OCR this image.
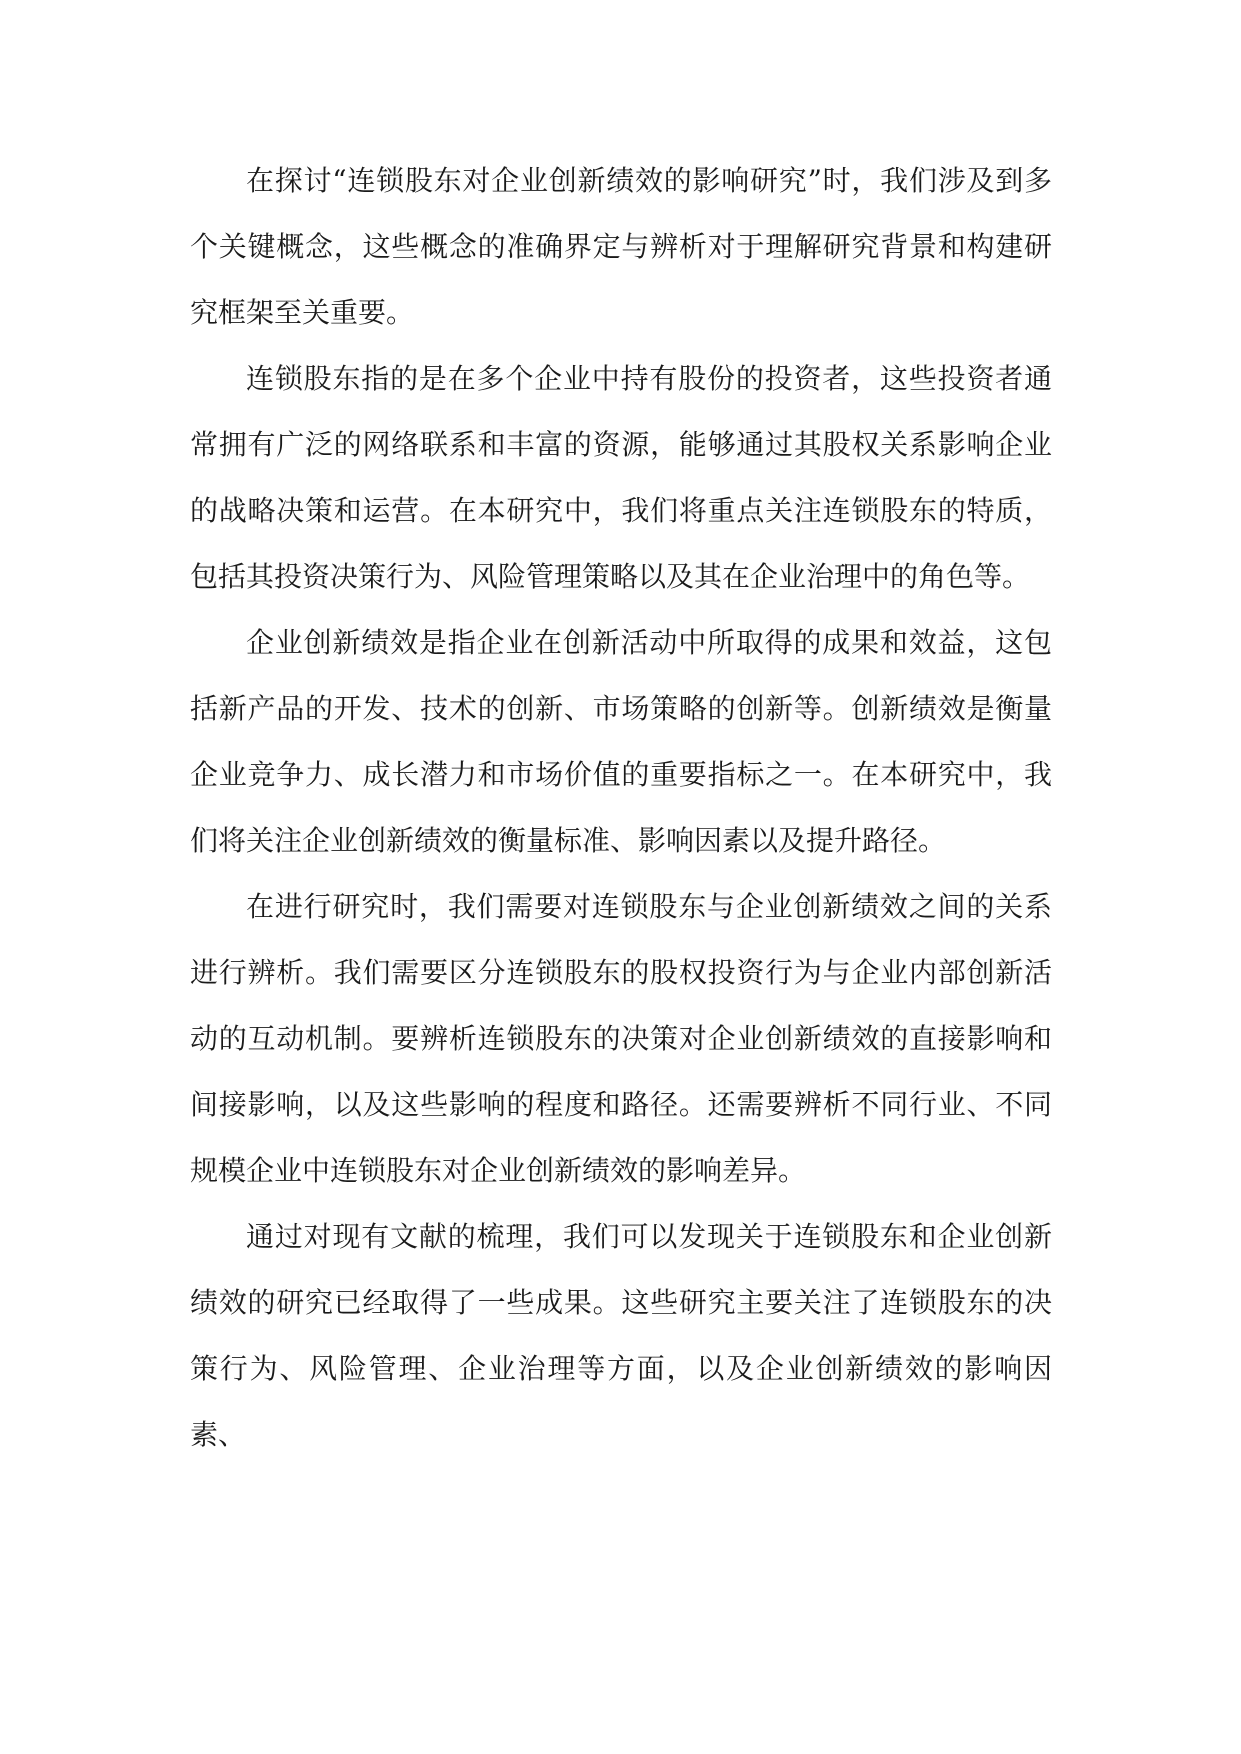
在探讨“连锁股东对企业创新绩效的影响研究”时，我们涉及到多个关键概念，这些概念的准确界定与辨析对于理解研究背景和构建研究框架至关重要。

连锁股东指的是在多个企业中持有股份的投资者，这些投资者通常拥有广泛的网络联系和丰富的资源，能够通过其股权关系影响企业的战略决策和运营。在本研究中，我们将重点关注连锁股东的特质，包括其投资决策行为、风险管理策略以及其在企业治理中的角色等。

企业创新绩效是指企业在创新活动中所取得的成果和效益，这包括新产品的开发、技术的创新、市场策略的创新等。创新绩效是衡量企业竞争力、成长潜力和市场价值的重要指标之一。在本研究中，我们将关注企业创新绩效的衡量标准、影响因素以及提升路径。

在进行研究时，我们需要对连锁股东与企业创新绩效之间的关系进行辨析。我们需要区分连锁股东的股权投资行为与企业内部创新活动的互动机制。要辨析连锁股东的决策对企业创新绩效的直接影响和间接影响，以及这些影响的程度和路径。还需要辨析不同行业、不同规模企业中连锁股东对企业创新绩效的影响差异。

通过对现有文献的梳理，我们可以发现关于连锁股东和企业创新绩效的研究已经取得了一些成果。这些研究主要关注了连锁股东的决策行为、风险管理、企业治理等方面，以及企业创新绩效的影响因素、
